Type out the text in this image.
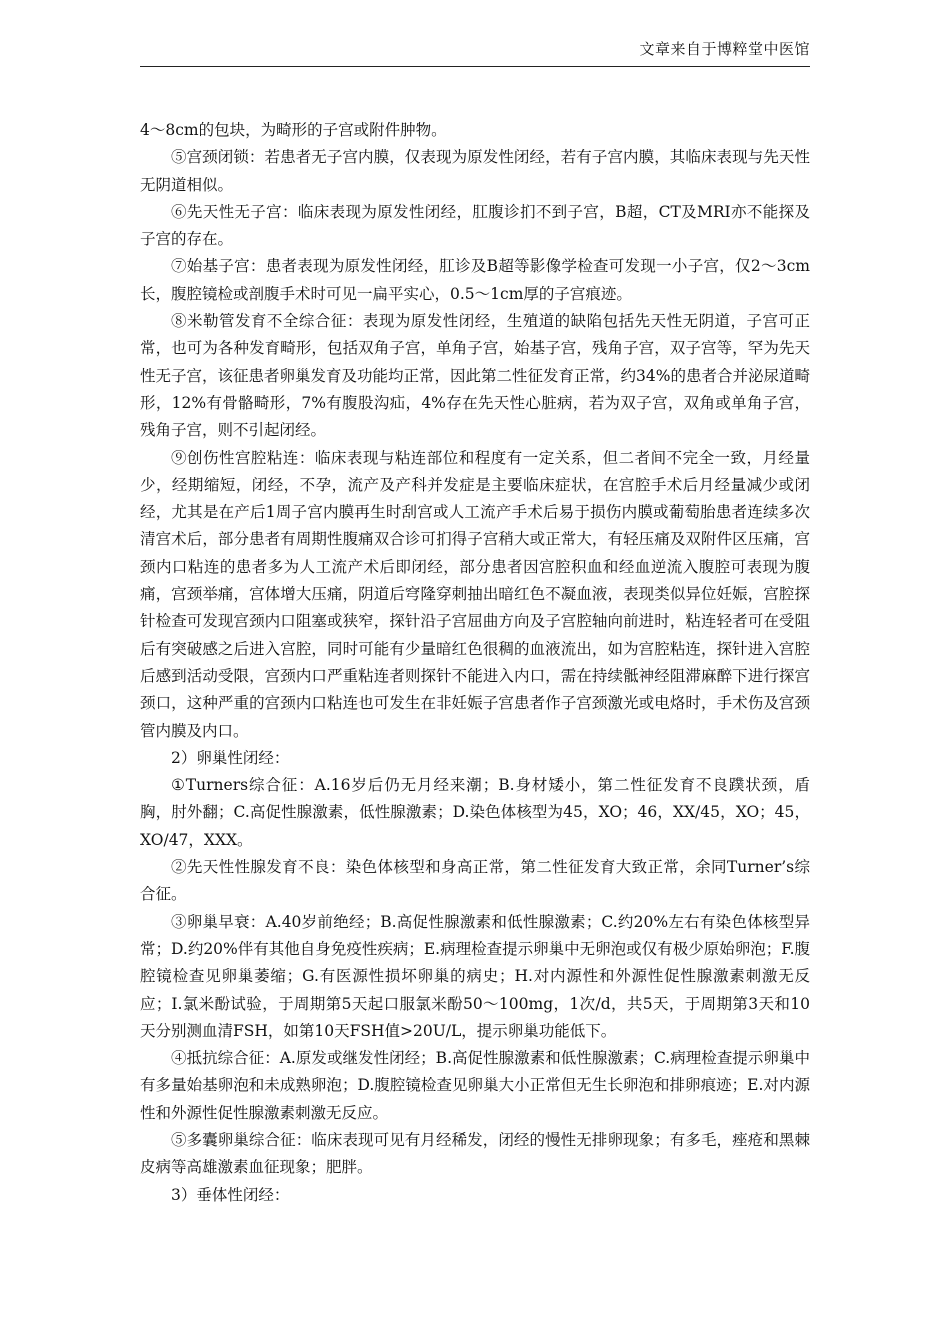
文章来自于博粹堂中医馆

4～8cm的包块，为畸形的子宫或附件肿物。

⑤宫颈闭锁：若患者无子宫内膜，仅表现为原发性闭经，若有子宫内膜，其临床表现与先天性无阴道相似。

⑥先天性无子宫：临床表现为原发性闭经，肛腹诊扪不到子宫，B超，CT及MRI亦不能探及子宫的存在。

⑦始基子宫：患者表现为原发性闭经，肛诊及B超等影像学检查可发现一小子宫，仅2～3cm长，腹腔镜检或剖腹手术时可见一扁平实心，0.5～1cm厚的子宫痕迹。

⑧米勒管发育不全综合征：表现为原发性闭经，生殖道的缺陷包括先天性无阴道，子宫可正常，也可为各种发育畸形，包括双角子宫，单角子宫，始基子宫，残角子宫，双子宫等，罕为先天性无子宫，该征患者卵巢发育及功能均正常，因此第二性征发育正常，约34%的患者合并泌尿道畸形，12%有骨骼畸形，7%有腹股沟疝，4%存在先天性心脏病，若为双子宫，双角或单角子宫，残角子宫，则不引起闭经。

⑨创伤性宫腔粘连：临床表现与粘连部位和程度有一定关系，但二者间不完全一致，月经量少，经期缩短，闭经，不孕，流产及产科并发症是主要临床症状，在宫腔手术后月经量减少或闭经，尤其是在产后1周子宫内膜再生时刮宫或人工流产手术后易于损伤内膜或葡萄胎患者连续多次清宫术后，部分患者有周期性腹痛双合诊可扪得子宫稍大或正常大，有轻压痛及双附件区压痛，宫颈内口粘连的患者多为人工流产术后即闭经，部分患者因宫腔积血和经血逆流入腹腔可表现为腹痛，宫颈举痛，宫体增大压痛，阴道后穹隆穿刺抽出暗红色不凝血液，表现类似异位妊娠，宫腔探针检查可发现宫颈内口阻塞或狭窄，探针沿子宫屈曲方向及子宫腔轴向前进时，粘连轻者可在受阻后有突破感之后进入宫腔，同时可能有少量暗红色很稠的血液流出，如为宫腔粘连，探针进入宫腔后感到活动受限，宫颈内口严重粘连者则探针不能进入内口，需在持续骶神经阻滞麻醉下进行探宫颈口，这种严重的宫颈内口粘连也可发生在非妊娠子宫患者作子宫颈激光或电烙时，手术伤及宫颈管内膜及内口。

2）卵巢性闭经：

①Turners综合征：A.16岁后仍无月经来潮；B.身材矮小，第二性征发育不良蹼状颈，盾胸，肘外翻；C.高促性腺激素，低性腺激素；D.染色体核型为45，XO；46，XX/45，XO；45，XO/47，XXX。

②先天性性腺发育不良：染色体核型和身高正常，第二性征发育大致正常，余同Turner’s综合征。

③卵巢早衰：A.40岁前绝经；B.高促性腺激素和低性腺激素；C.约20%左右有染色体核型异常；D.约20%伴有其他自身免疫性疾病；E.病理检查提示卵巢中无卵泡或仅有极少原始卵泡；F.腹腔镜检查见卵巢萎缩；G.有医源性损坏卵巢的病史；H.对内源性和外源性促性腺激素刺激无反应；I.氯米酚试验，于周期第5天起口服氯米酚50～100mg，1次/d，共5天，于周期第3天和10天分别测血清FSH，如第10天FSH值>20U/L，提示卵巢功能低下。

④抵抗综合征：A.原发或继发性闭经；B.高促性腺激素和低性腺激素；C.病理检查提示卵巢中有多量始基卵泡和未成熟卵泡；D.腹腔镜检查见卵巢大小正常但无生长卵泡和排卵痕迹；E.对内源性和外源性促性腺激素刺激无反应。

⑤多囊卵巢综合征：临床表现可见有月经稀发，闭经的慢性无排卵现象；有多毛，痤疮和黑棘皮病等高雄激素血征现象；肥胖。

3）垂体性闭经：
